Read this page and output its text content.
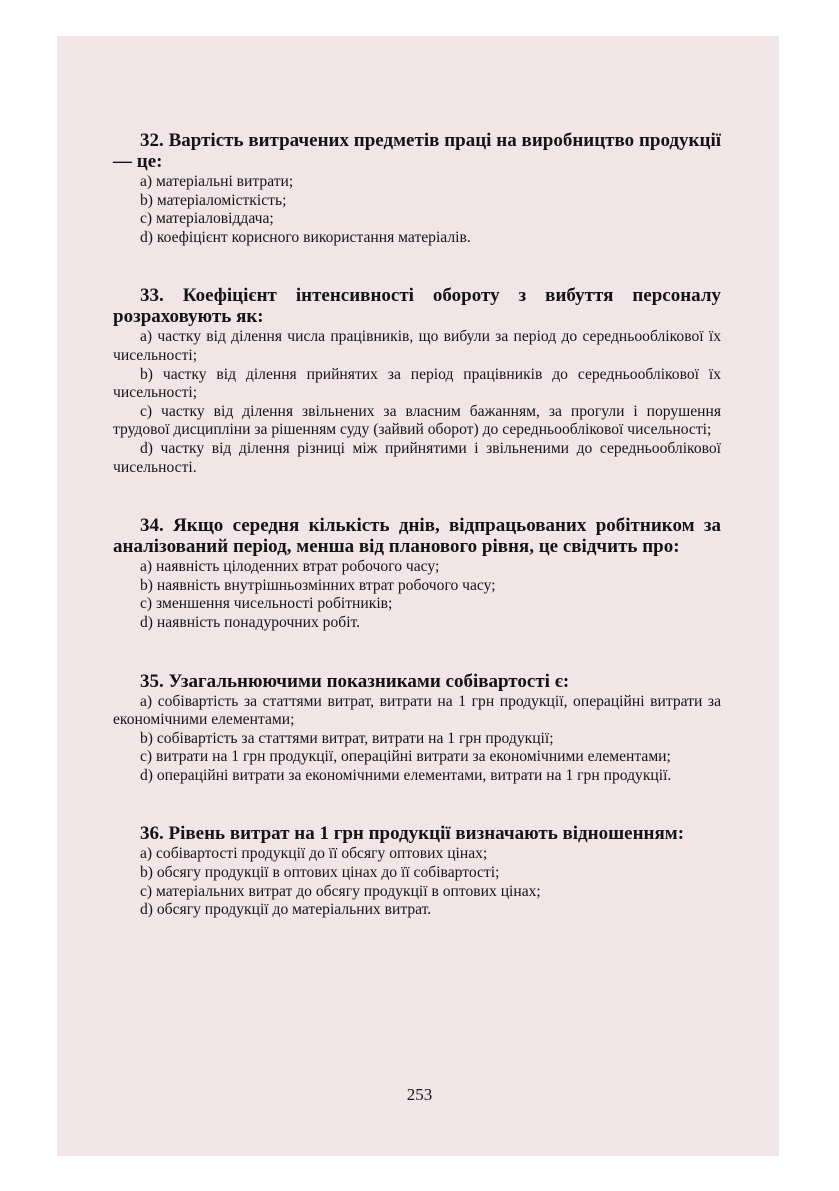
32. Вартість витрачених предметів праці на виробництво продукції — це:

a) матеріальні витрати;
b) матеріаломісткість;
c) матеріаловіддача;
d) коефіцієнт корисного використання матеріалів.

33. Коефіцієнт інтенсивності обороту з вибуття персоналу розраховують як:

a) частку від ділення числа працівників, що вибули за період до середньооблікової їх чисельності;
b) частку від ділення прийнятих за період працівників до середньооблікової їх чисельності;
c) частку від ділення звільнених за власним бажанням, за прогули і порушення трудової дисципліни за рішенням суду (зайвий оборот) до середньооблікової чисельності;
d) частку від ділення різниці між прийнятими і звільненими до середньооблікової чисельності.

34. Якщо середня кількість днів, відпрацьованих робітником за аналізований період, менша від планового рівня, це свідчить про:

a) наявність цілоденних втрат робочого часу;
b) наявність внутрішньозмінних втрат робочого часу;
c) зменшення чисельності робітників;
d) наявність понадурочних робіт.

35. Узагальнюючими показниками собівартості є:

a) собівартість за статтями витрат, витрати на 1 грн продукції, операційні витрати за економічними елементами;
b) собівартість за статтями витрат, витрати на 1 грн продукції;
c) витрати на 1 грн продукції, операційні витрати за економічними елементами;
d) операційні витрати за економічними елементами, витрати на 1 грн продукції.

36. Рівень витрат на 1 грн продукції визначають відношенням:

a) собівартості продукції до її обсягу оптових цінах;
b) обсягу продукції в оптових цінах до її собівартості;
c) матеріальних витрат до обсягу продукції в оптових цінах;
d) обсягу продукції до матеріальних витрат.
253
